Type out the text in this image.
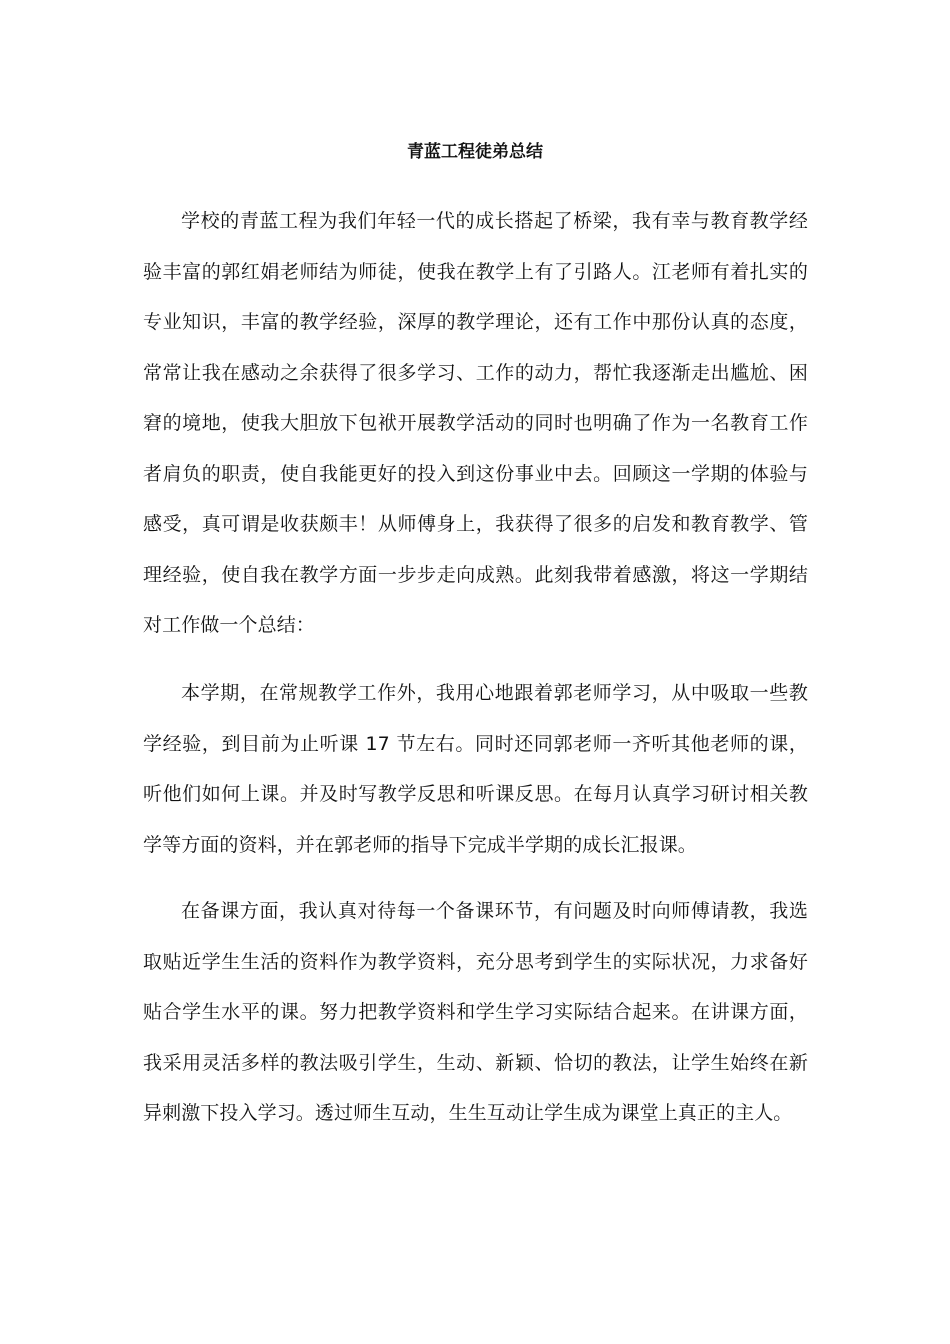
青蓝工程徒弟总结

学校的青蓝工程为我们年轻一代的成长搭起了桥梁，我有幸与教育教学经验丰富的郭红娟老师结为师徒，使我在教学上有了引路人。江老师有着扎实的专业知识，丰富的教学经验，深厚的教学理论，还有工作中那份认真的态度，常常让我在感动之余获得了很多学习、工作的动力，帮忙我逐渐走出尴尬、困窘的境地，使我大胆放下包袱开展教学活动的同时也明确了作为一名教育工作者肩负的职责，使自我能更好的投入到这份事业中去。回顾这一学期的体验与感受，真可谓是收获颇丰！从师傅身上，我获得了很多的启发和教育教学、管理经验，使自我在教学方面一步步走向成熟。此刻我带着感激，将这一学期结对工作做一个总结：

本学期，在常规教学工作外，我用心地跟着郭老师学习，从中吸取一些教学经验，到目前为止听课 17 节左右。同时还同郭老师一齐听其他老师的课，听他们如何上课。并及时写教学反思和听课反思。在每月认真学习研讨相关教学等方面的资料，并在郭老师的指导下完成半学期的成长汇报课。

在备课方面，我认真对待每一个备课环节，有问题及时向师傅请教，我选取贴近学生生活的资料作为教学资料，充分思考到学生的实际状况，力求备好贴合学生水平的课。努力把教学资料和学生学习实际结合起来。在讲课方面，我采用灵活多样的教法吸引学生，生动、新颖、恰切的教法，让学生始终在新异刺激下投入学习。透过师生互动，生生互动让学生成为课堂上真正的主人。
